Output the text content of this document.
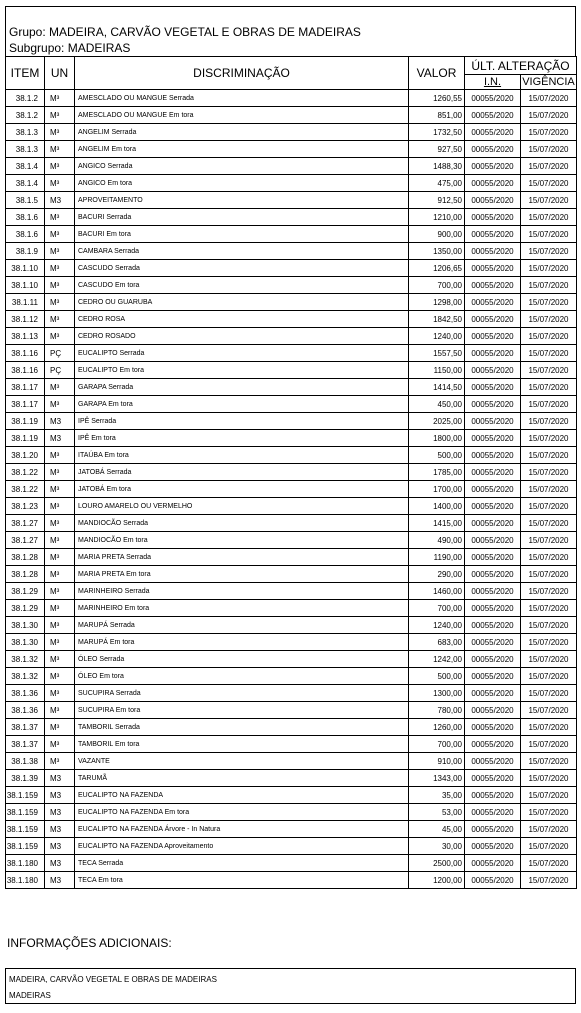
Grupo: MADEIRA, CARVÃO VEGETAL E OBRAS DE MADEIRAS
Subgrupo: MADEIRAS
ITEM	UN	DISCRIMINAÇÃO	VALOR	ÚLT. ALTERAÇÃO	
				I.N.	VIGÊNCIA
38.1.2	M³	AMESCLADO OU MANGUE Serrada	1260,55	00055/2020	15/07/2020
38.1.2	M³	AMESCLADO OU MANGUE Em tora	851,00	00055/2020	15/07/2020
38.1.3	M³	ANGELIM Serrada	1732,50	00055/2020	15/07/2020
38.1.3	M³	ANGELIM Em tora	927,50	00055/2020	15/07/2020
38.1.4	M³	ANGICO Serrada	1488,30	00055/2020	15/07/2020
38.1.4	M³	ANGICO Em tora	475,00	00055/2020	15/07/2020
38.1.5	M3	APROVEITAMENTO	912,50	00055/2020	15/07/2020
38.1.6	M³	BACURI Serrada	1210,00	00055/2020	15/07/2020
38.1.6	M³	BACURI Em tora	900,00	00055/2020	15/07/2020
38.1.9	M³	CAMBARA Serrada	1350,00	00055/2020	15/07/2020
38.1.10	M³	CASCUDO Serrada	1206,65	00055/2020	15/07/2020
38.1.10	M³	CASCUDO Em tora	700,00	00055/2020	15/07/2020
38.1.11	M³	CEDRO OU GUARUBA	1298,00	00055/2020	15/07/2020
38.1.12	M³	CEDRO ROSA	1842,50	00055/2020	15/07/2020
38.1.13	M³	CEDRO ROSADO	1240,00	00055/2020	15/07/2020
38.1.16	PÇ	EUCALIPTO Serrada	1557,50	00055/2020	15/07/2020
38.1.16	PÇ	EUCALIPTO Em tora	1150,00	00055/2020	15/07/2020
38.1.17	M³	GARAPA Serrada	1414,50	00055/2020	15/07/2020
38.1.17	M³	GARAPA Em tora	450,00	00055/2020	15/07/2020
38.1.19	M3	IPÊ Serrada	2025,00	00055/2020	15/07/2020
38.1.19	M3	IPÊ Em tora	1800,00	00055/2020	15/07/2020
38.1.20	M³	ITAÚBA Em tora	500,00	00055/2020	15/07/2020
38.1.22	M³	JATOBÁ Serrada	1785,00	00055/2020	15/07/2020
38.1.22	M³	JATOBÁ Em tora	1700,00	00055/2020	15/07/2020
38.1.23	M³	LOURO AMARELO OU VERMELHO	1400,00	00055/2020	15/07/2020
38.1.27	M³	MANDIOCÃO Serrada	1415,00	00055/2020	15/07/2020
38.1.27	M³	MANDIOCÃO Em tora	490,00	00055/2020	15/07/2020
38.1.28	M³	MARIA PRETA Serrada	1190,00	00055/2020	15/07/2020
38.1.28	M³	MARIA PRETA Em tora	290,00	00055/2020	15/07/2020
38.1.29	M³	MARINHEIRO Serrada	1460,00	00055/2020	15/07/2020
38.1.29	M³	MARINHEIRO Em tora	700,00	00055/2020	15/07/2020
38.1.30	M³	MARUPÁ Serrada	1240,00	00055/2020	15/07/2020
38.1.30	M³	MARUPÁ Em tora	683,00	00055/2020	15/07/2020
38.1.32	M³	ÓLEO Serrada	1242,00	00055/2020	15/07/2020
38.1.32	M³	ÓLEO Em tora	500,00	00055/2020	15/07/2020
38.1.36	M³	SUCUPIRA Serrada	1300,00	00055/2020	15/07/2020
38.1.36	M³	SUCUPIRA Em tora	780,00	00055/2020	15/07/2020
38.1.37	M³	TAMBORIL Serrada	1260,00	00055/2020	15/07/2020
38.1.37	M³	TAMBORIL Em tora	700,00	00055/2020	15/07/2020
38.1.38	M³	VAZANTE	910,00	00055/2020	15/07/2020
38.1.39	M3	TARUMÃ	1343,00	00055/2020	15/07/2020
38.1.159	M3	EUCALIPTO NA FAZENDA	35,00	00055/2020	15/07/2020
38.1.159	M3	EUCALIPTO NA FAZENDA Em tora	53,00	00055/2020	15/07/2020
38.1.159	M3	EUCALIPTO NA FAZENDA Árvore - In Natura	45,00	00055/2020	15/07/2020
38.1.159	M3	EUCALIPTO NA FAZENDA Aproveitamento	30,00	00055/2020	15/07/2020
38.1.180	M3	TECA Serrada	2500,00	00055/2020	15/07/2020
38.1.180	M3	TECA Em tora	1200,00	00055/2020	15/07/2020
INFORMAÇÕES ADICIONAIS:
MADEIRA, CARVÃO VEGETAL E OBRAS DE MADEIRAS
MADEIRAS
